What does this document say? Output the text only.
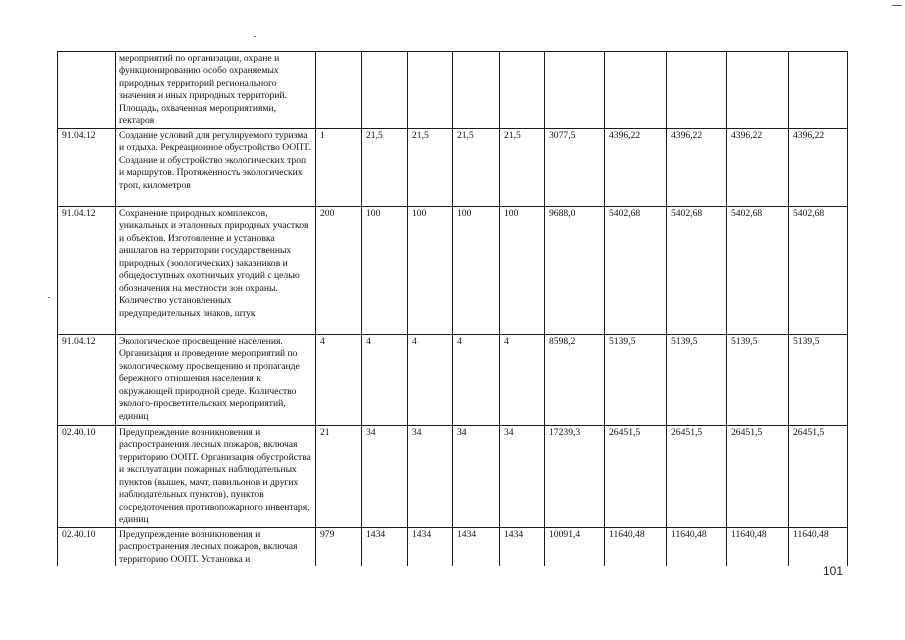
	мероприятий по организации, охране и функционированию особо охраняемых природных территорий регионального значения и иных природных территорий. Площадь, охваченная мероприятиями, гектаров										

91.04.12	Создание условий для регулируемого туризма и отдыха. Рекреационное обустройство ООПТ. Создание и обустройство экологических троп и маршрутов. Протяженность экологических троп, километров	1	21,5	21,5	21,5	21,5	3077,5	4396,22	4396,22	4396,22	4396,22

91.04.12	Сохранение природных комплексов, уникальных и эталонных природных участков и объектов. Изготовление и установка аншлагов на территории государственных природных (зоологических) заказников и общедоступных охотничьих угодий с целью обозначения на местности зон охраны. Количество установленных предупредительных знаков, штук	200	100	100	100	100	9688,0	5402,68	5402,68	5402,68	5402,68

91.04.12	Экологическое просвещение населения. Организация и проведение мероприятий по экологическому просвещению и пропаганде бережного отношения населения к окружающей природной среде. Количество эколого-просветительских мероприятий, единиц	4	4	4	4	4	8598,2	5139,5	5139,5	5139,5	5139,5

02.40.10	Предупреждение возникновения и распространения лесных пожаров, включая территорию ООПТ. Организация обустройства и эксплуатации пожарных наблюдательных пунктов (вышек, мачт, павильонов и других наблюдательных пунктов), пунктов сосредоточения противопожарного инвентаря, единиц	21	34	34	34	34	17239,3	26451,5	26451,5	26451,5	26451,5

02.40.10	Предупреждение возникновения и распространения лесных пожаров, включая территорию ООПТ. Установка и	979	1434	1434	1434	1434	10091,4	11640,48	11640,48	11640,48	11640,48
101
